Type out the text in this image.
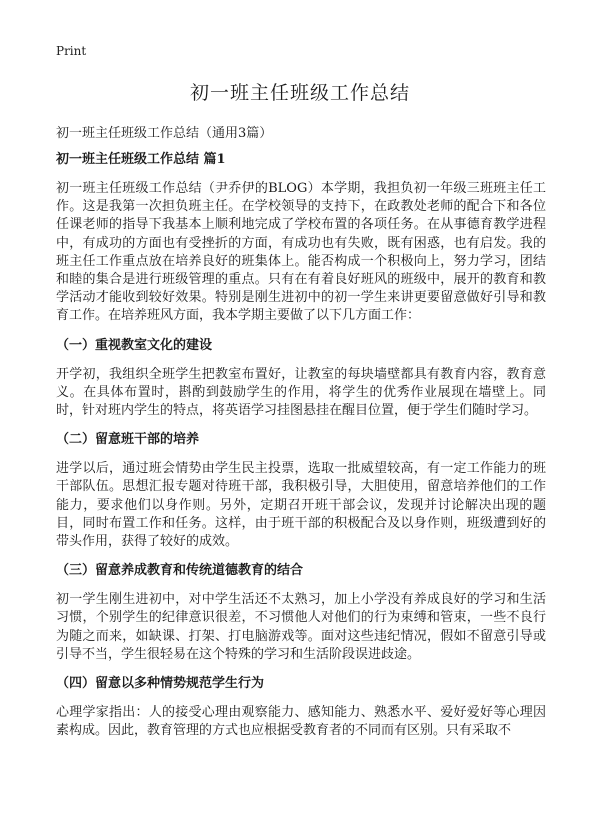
Print
初一班主任班级工作总结

初一班主任班级工作总结（通用3篇）

初一班主任班级工作总结 篇1

初一班主任班级工作总结（尹乔伊的BLOG）本学期，我担负初一年级三班班主任工作。这是我第一次担负班主任。在学校领导的支持下，在政教处老师的配合下和各位任课老师的指导下我基本上顺利地完成了学校布置的各项任务。在从事德育教学进程中，有成功的方面也有受挫折的方面，有成功也有失败，既有困惑，也有启发。我的班主任工作重点放在培养良好的班集体上。能否构成一个积极向上，努力学习，团结和睦的集合是进行班级管理的重点。只有在有着良好班风的班级中，展开的教育和教学活动才能收到较好效果。特别是刚生进初中的初一学生来讲更要留意做好引导和教育工作。在培养班风方面，我本学期主要做了以下几方面工作：

（一）重视教室文化的建设

开学初，我组织全班学生把教室布置好，让教室的每块墙壁都具有教育内容，教育意义。在具体布置时，斟酌到鼓励学生的作用，将学生的优秀作业展现在墙壁上。同时，针对班内学生的特点，将英语学习挂图悬挂在醒目位置，便于学生们随时学习。

（二）留意班干部的培养

进学以后，通过班会情势由学生民主投票，选取一批威望较高，有一定工作能力的班干部队伍。思想汇报专题对待班干部，我积极引导，大胆使用，留意培养他们的工作能力，要求他们以身作则。另外，定期召开班干部会议，发现并讨论解决出现的题目，同时布置工作和任务。这样，由于班干部的积极配合及以身作则，班级遭到好的带头作用，获得了较好的成效。

（三）留意养成教育和传统道德教育的结合

初一学生刚生进初中，对中学生活还不太熟习，加上小学没有养成良好的学习和生活习惯，个别学生的纪律意识很差，不习惯他人对他们的行为束缚和管束，一些不良行为随之而来，如缺课、打架、打电脑游戏等。面对这些违纪情况，假如不留意引导或引导不当，学生很轻易在这个特殊的学习和生活阶段误进歧途。

（四）留意以多种情势规范学生行为

心理学家指出：人的接受心理由观察能力、感知能力、熟悉水平、爱好爱好等心理因素构成。因此，教育管理的方式也应根据受教育者的不同而有区别。只有采取不
